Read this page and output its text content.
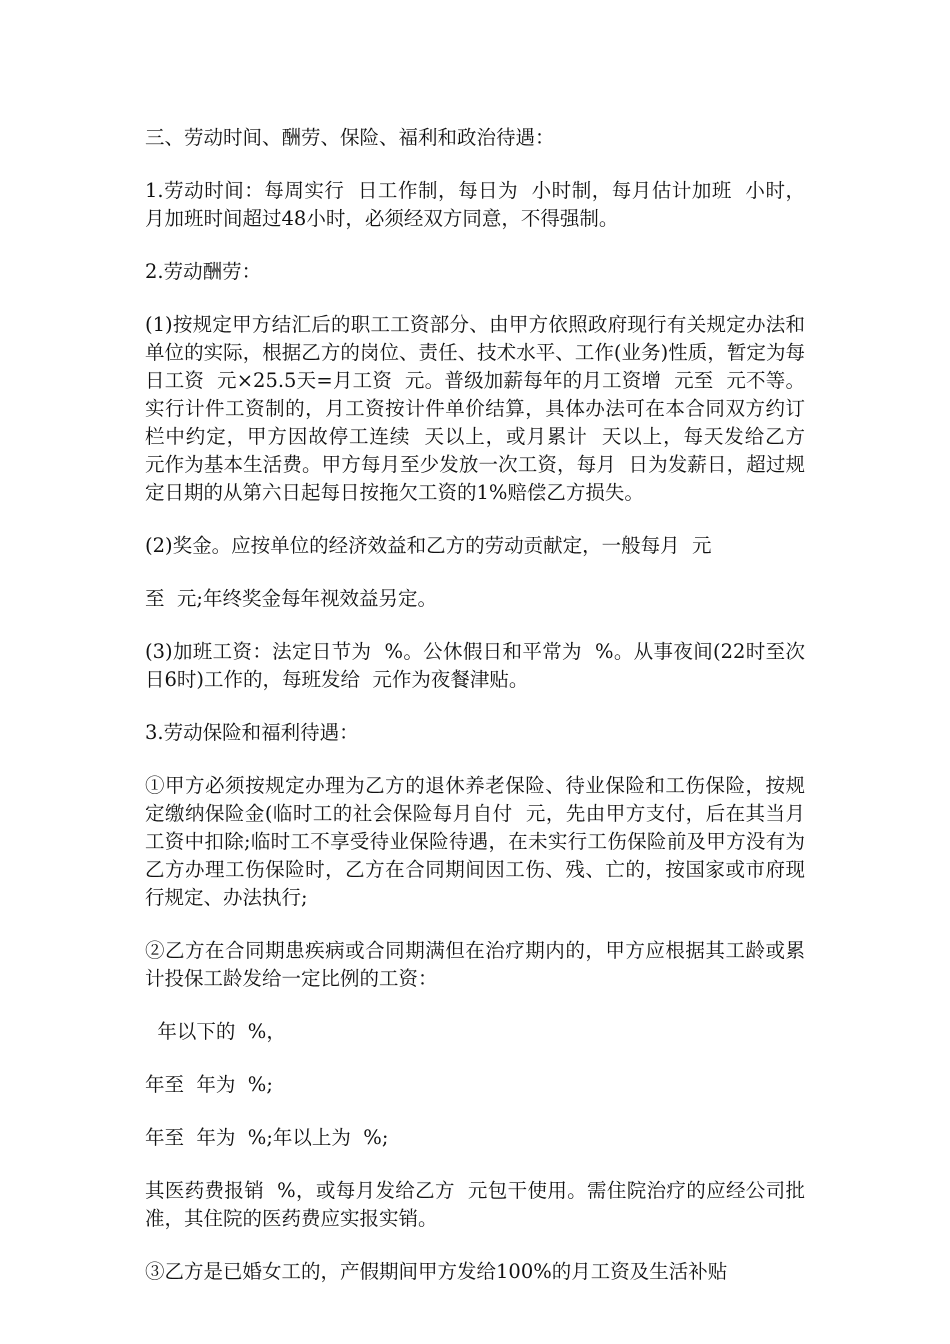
三、劳动时间、酬劳、保险、福利和政治待遇：

1.劳动时间：每周实行  日工作制，每日为  小时制，每月估计加班  小时，月加班时间超过48小时，必须经双方同意，不得强制。

2.劳动酬劳：

(1)按规定甲方结汇后的职工工资部分、由甲方依照政府现行有关规定办法和单位的实际，根据乙方的岗位、责任、技术水平、工作(业务)性质，暂定为每日工资  元×25.5天=月工资  元。普级加薪每年的月工资增  元至  元不等。实行计件工资制的，月工资按计件单价结算，具体办法可在本合同双方约订栏中约定，甲方因故停工连续  天以上，或月累计  天以上，每天发给乙方  元作为基本生活费。甲方每月至少发放一次工资，每月  日为发薪日，超过规定日期的从第六日起每日按拖欠工资的1%赔偿乙方损失。

(2)奖金。应按单位的经济效益和乙方的劳动贡献定，一般每月  元

至  元;年终奖金每年视效益另定。

(3)加班工资：法定日节为  %。公休假日和平常为  %。从事夜间(22时至次日6时)工作的，每班发给  元作为夜餐津贴。

3.劳动保险和福利待遇：

①甲方必须按规定办理为乙方的退休养老保险、待业保险和工伤保险，按规定缴纳保险金(临时工的社会保险每月自付  元，先由甲方支付，后在其当月工资中扣除;临时工不享受待业保险待遇，在未实行工伤保险前及甲方没有为乙方办理工伤保险时，乙方在合同期间因工伤、残、亡的，按国家或市府现行规定、办法执行;

②乙方在合同期患疾病或合同期满但在治疗期内的，甲方应根据其工龄或累计投保工龄发给一定比例的工资：

年以下的  %，

年至  年为  %;

年至  年为  %;年以上为  %;

其医药费报销  %，或每月发给乙方  元包干使用。需住院治疗的应经公司批准，其住院的医药费应实报实销。

③乙方是已婚女工的，产假期间甲方发给100%的月工资及生活补贴
